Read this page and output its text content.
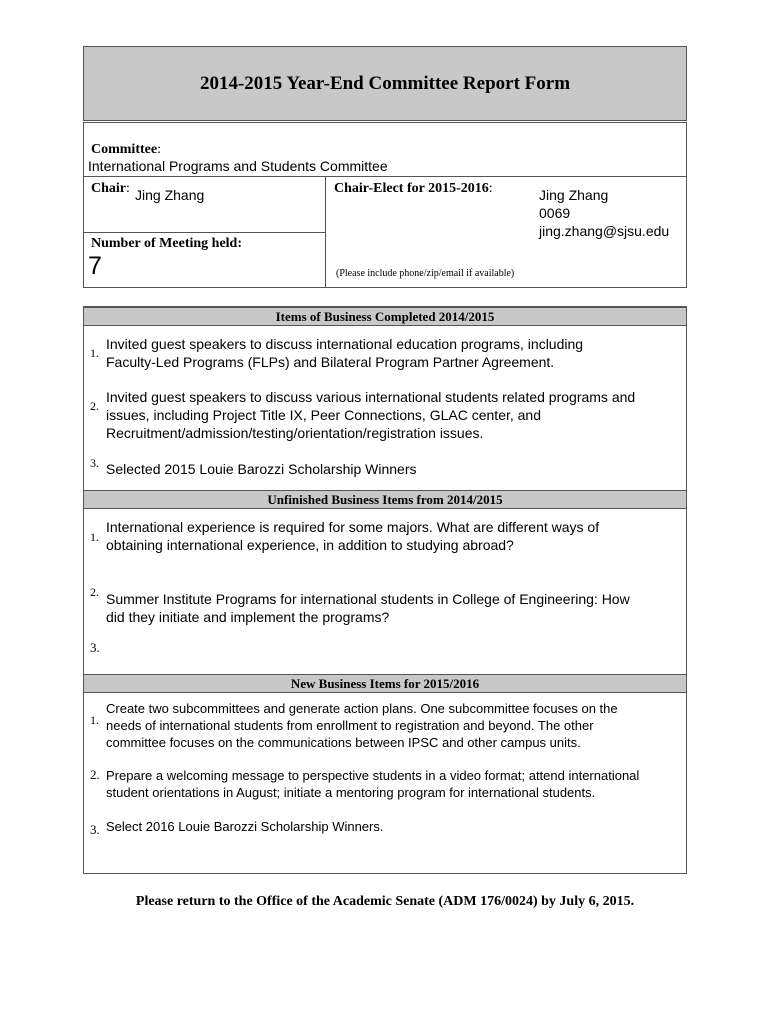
2014-2015 Year-End Committee Report Form
Committee:
International Programs and Students Committee
Chair: Jing Zhang	Chair-Elect for 2015-2016:	Jing Zhang
0069
jing.zhang@sjsu.edu
Number of Meeting held:
7	(Please include phone/zip/email if available)
Items of Business Completed 2014/2015
1.
Invited guest speakers to discuss international education programs, including
Faculty-Led Programs (FLPs) and Bilateral Program Partner Agreement.
2.
Invited guest speakers to discuss various international students related programs and
issues, including Project Title IX, Peer Connections, GLAC center, and
Recruitment/admission/testing/orientation/registration issues.
3. Selected 2015 Louie Barozzi Scholarship Winners
Unfinished Business Items from 2014/2015
1.
International experience is required for some majors. What are different ways of
obtaining international experience, in addition to studying abroad?
2. Summer Institute Programs for international students in College of Engineering: How
did they initiate and implement the programs?
3.
New Business Items for 2015/2016
1.
Create two subcommittees and generate action plans. One subcommittee focuses on the
needs of international students from enrollment to registration and beyond. The other
committee focuses on the communications between IPSC and other campus units.
2. Prepare a welcoming message to perspective students in a video format; attend international
student orientations in August; initiate a mentoring program for international students.
3. Select 2016 Louie Barozzi Scholarship Winners.
Please return to the Office of the Academic Senate (ADM 176/0024) by July 6, 2015.
